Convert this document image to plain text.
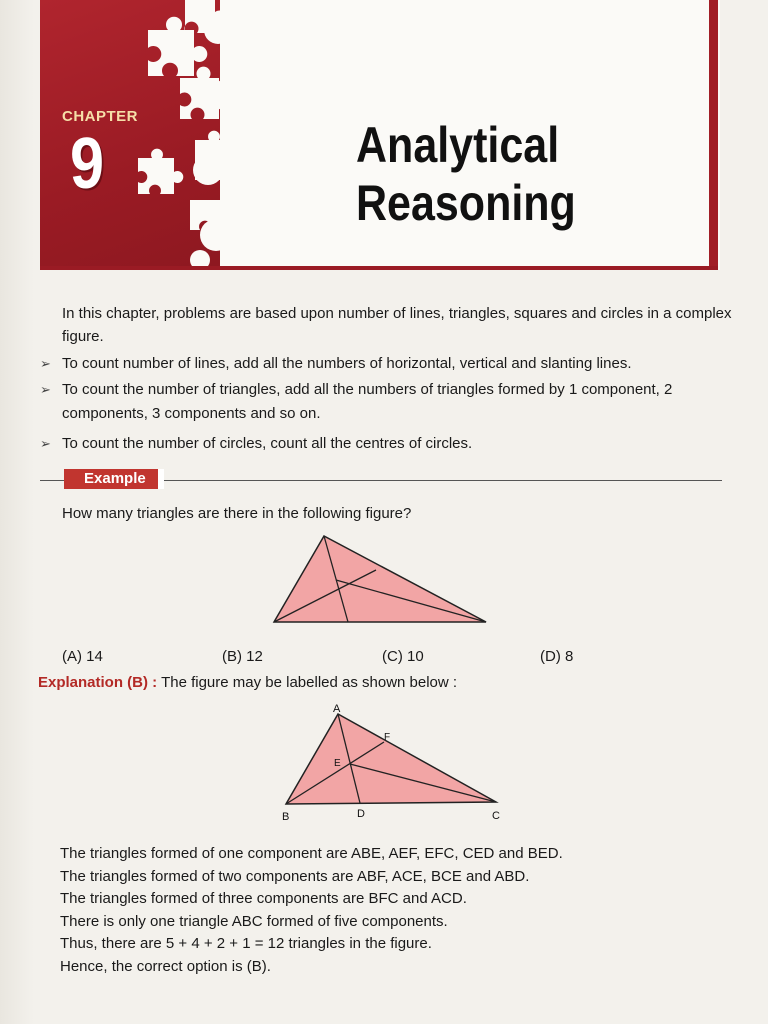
CHAPTER
9	Analytical
Reasoning

In this chapter, problems are based upon number of lines, triangles, squares and circles in a complex figure.

➢ To count number of lines, add all the numbers of horizontal, vertical and slanting lines.
➢ To count the number of triangles, add all the numbers of triangles formed by 1 component, 2 components, 3 components and so on.
➢ To count the number of circles, count all the centres of circles.
Example
How many triangles are there in the following figure?
(A) 14	(B) 12	(C) 10	(D) 8
Explanation (B) : The figure may be labelled as shown below :
A
F
E
B	D	C
The triangles formed of one component are ABE, AEF, EFC, CED and BED.
The triangles formed of two components are ABF, ACE, BCE and ABD.
The triangles formed of three components are BFC and ACD.
There is only one triangle ABC formed of five components.
Thus, there are 5 + 4 + 2 + 1 = 12 triangles in the figure.
Hence, the correct option is (B).
